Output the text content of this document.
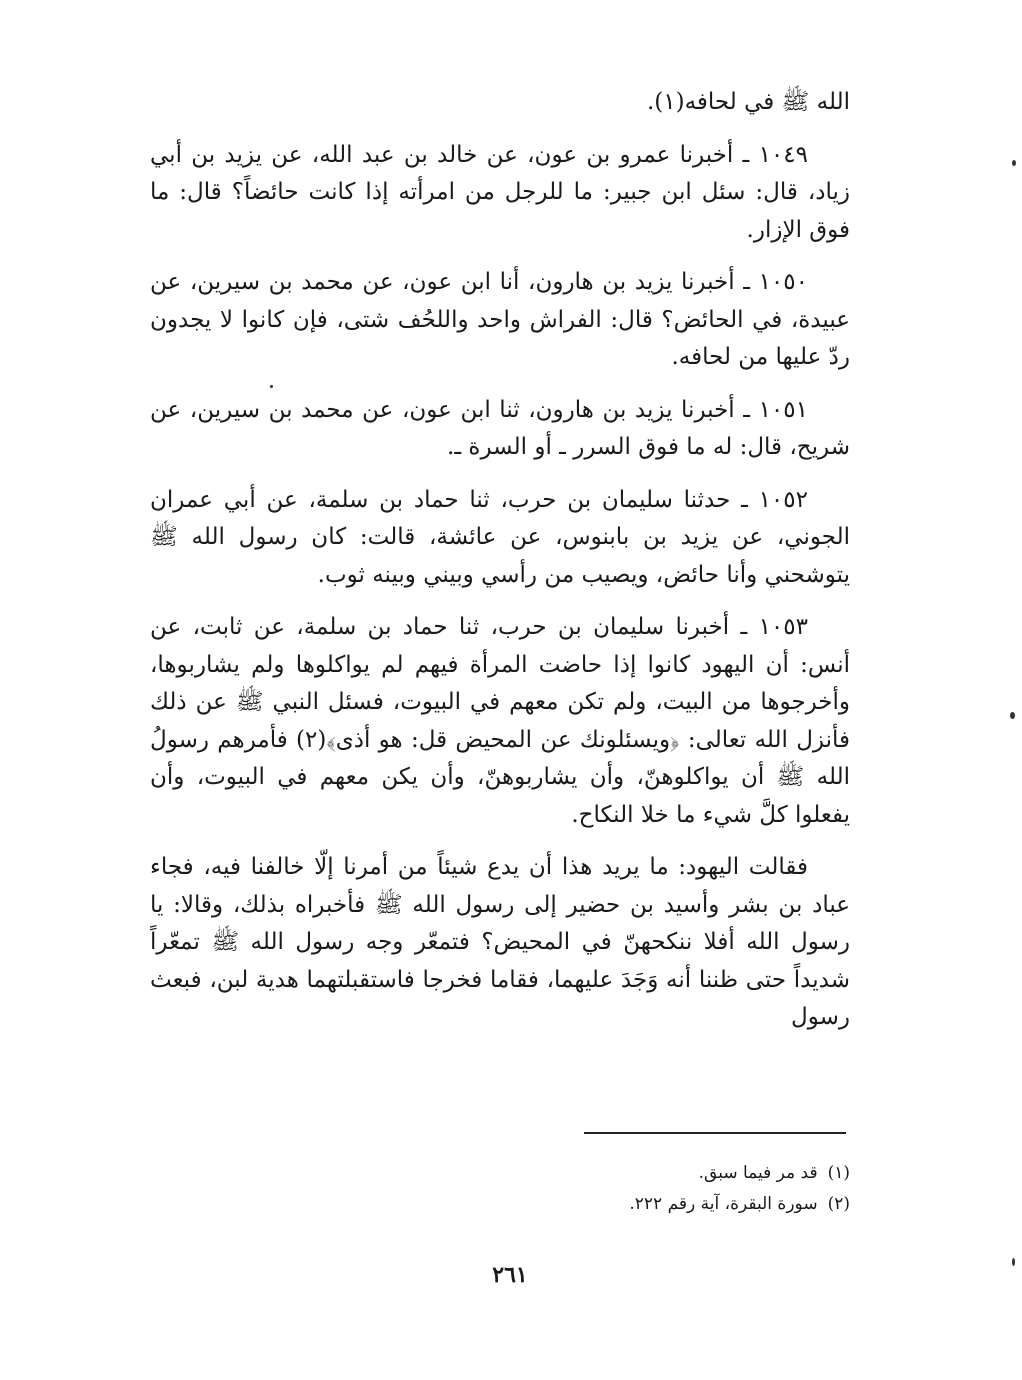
الله ﷺ في لحافه(١).

١٠٤٩ ـ أخبرنا عمرو بن عون، عن خالد بن عبد الله، عن يزيد بن أبي زياد، قال: سئل ابن جبير: ما للرجل من امرأته إذا كانت حائضاً؟ قال: ما فوق الإزار.

١٠٥٠ ـ أخبرنا يزيد بن هارون، أنا ابن عون، عن محمد بن سيرين، عن عبيدة، في الحائض؟ قال: الفراش واحد واللحُف شتى، فإن كانوا لا يجدون ردّ عليها من لحافه.

١٠٥١ ـ أخبرنا يزيد بن هارون، ثنا ابن عون، عن محمد بن سيرين، عن شريح، قال: له ما فوق السرر ـ أو السرة ـ.

١٠٥٢ ـ حدثنا سليمان بن حرب، ثنا حماد بن سلمة، عن أبي عمران الجوني، عن يزيد بن بابنوس، عن عائشة، قالت: كان رسول الله ﷺ يتوشحني وأنا حائض، ويصيب من رأسي وبيني وبينه ثوب.

١٠٥٣ ـ أخبرنا سليمان بن حرب، ثنا حماد بن سلمة، عن ثابت، عن أنس: أن اليهود كانوا إذا حاضت المرأة فيهم لم يواكلوها ولم يشاربوها، وأخرجوها من البيت، ولم تكن معهم في البيوت، فسئل النبي ﷺ عن ذلك فأنزل الله تعالى: ﴿ويسئلونك عن المحيض قل: هو أذى﴾(٢) فأمرهم رسولُ الله ﷺ أن يواكلوهنّ، وأن يشاربوهنّ، وأن يكن معهم في البيوت، وأن يفعلوا كلَّ شيء ما خلا النكاح.

فقالت اليهود: ما يريد هذا أن يدع شيئاً من أمرنا إلّا خالفنا فيه، فجاء عباد بن بشر وأسيد بن حضير إلى رسول الله ﷺ فأخبراه بذلك، وقالا: يا رسول الله أفلا ننكحهنّ في المحيض؟ فتمعّر وجه رسول الله ﷺ تمعّراً شديداً حتى ظننا أنه وَجَدَ عليهما، فقاما فخرجا فاستقبلتهما هدية لبن، فبعث رسول

(١)قد مر فيما سبق.

(٢)سورة البقرة، آية رقم ٢٢٢.

٢٦١
